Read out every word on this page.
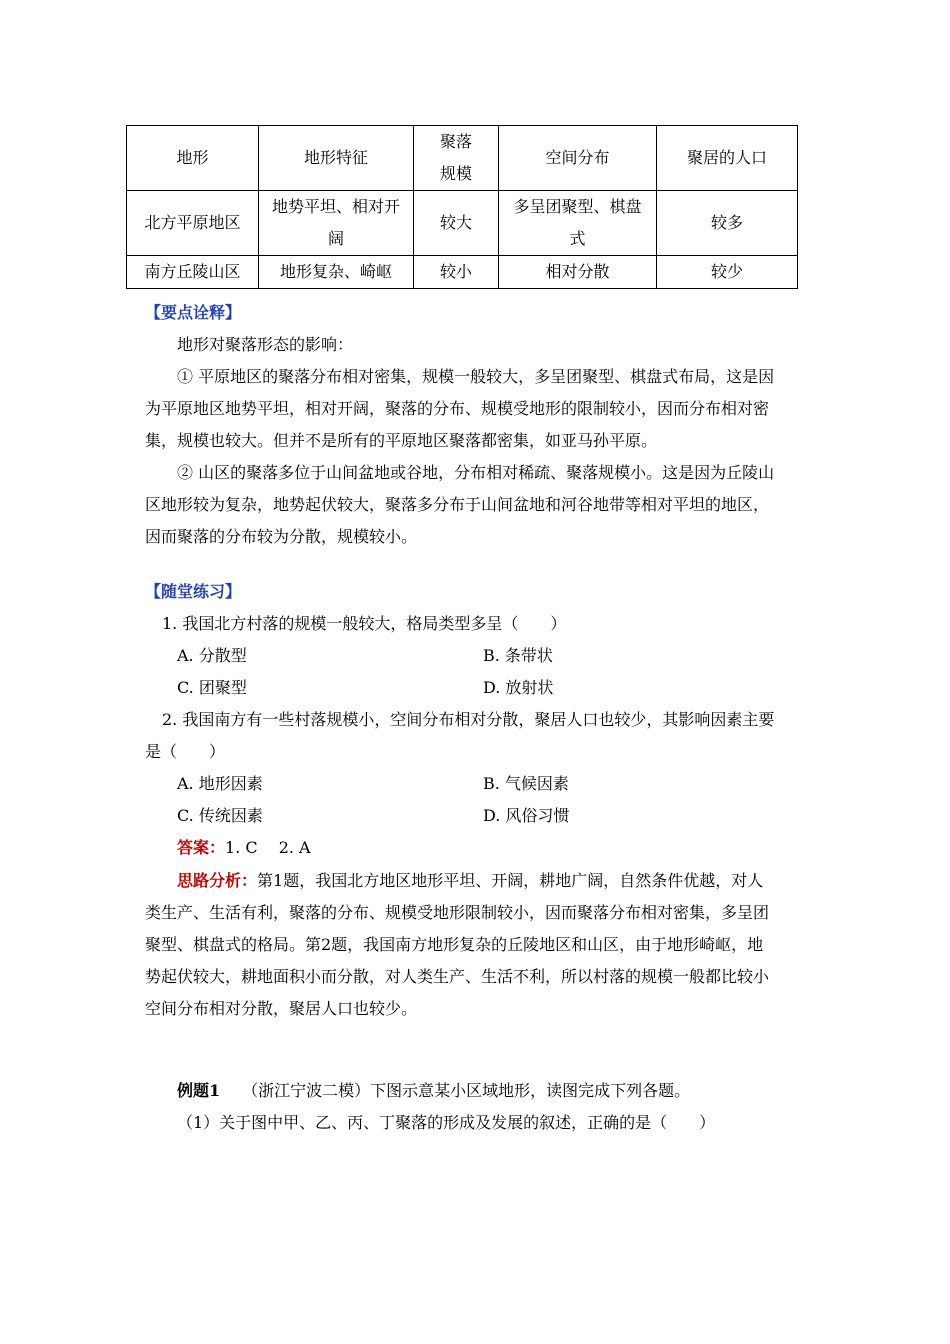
地形	地形特征	聚落规模	空间分布	聚居的人口
北方平原地区	地势平坦、相对开阔	较大	多呈团聚型、棋盘式	较多
南方丘陵山区	地形复杂、崎岖	较小	相对分散	较少
【要点诠释】
地形对聚落形态的影响：
① 平原地区的聚落分布相对密集，规模一般较大，多呈团聚型、棋盘式布局，这是因
为平原地区地势平坦，相对开阔，聚落的分布、规模受地形的限制较小，因而分布相对密
集，规模也较大。但并不是所有的平原地区聚落都密集，如亚马孙平原。
② 山区的聚落多位于山间盆地或谷地，分布相对稀疏、聚落规模小。这是因为丘陵山
区地形较为复杂，地势起伏较大，聚落多分布于山间盆地和河谷地带等相对平坦的地区，
因而聚落的分布较为分散，规模较小。
【随堂练习】
1. 我国北方村落的规模一般较大，格局类型多呈（　　）
A. 分散型	B. 条带状
C. 团聚型	D. 放射状
2. 我国南方有一些村落规模小，空间分布相对分散，聚居人口也较少，其影响因素主要
是（　　）
A. 地形因素	B. 气候因素
C. 传统因素	D. 风俗习惯
答案：1. C　 2. A
思路分析：第1题，我国北方地区地形平坦、开阔，耕地广阔，自然条件优越，对人
类生产、生活有利，聚落的分布、规模受地形限制较小，因而聚落分布相对密集，多呈团
聚型、棋盘式的格局。第2题，我国南方地形复杂的丘陵地区和山区，由于地形崎岖，地
势起伏较大，耕地面积小而分散，对人类生产、生活不利，所以村落的规模一般都比较小
空间分布相对分散，聚居人口也较少。
例题1 （浙江宁波二模）下图示意某小区域地形，读图完成下列各题。
（1）关于图中甲、乙、丙、丁聚落的形成及发展的叙述，正确的是（　　）
